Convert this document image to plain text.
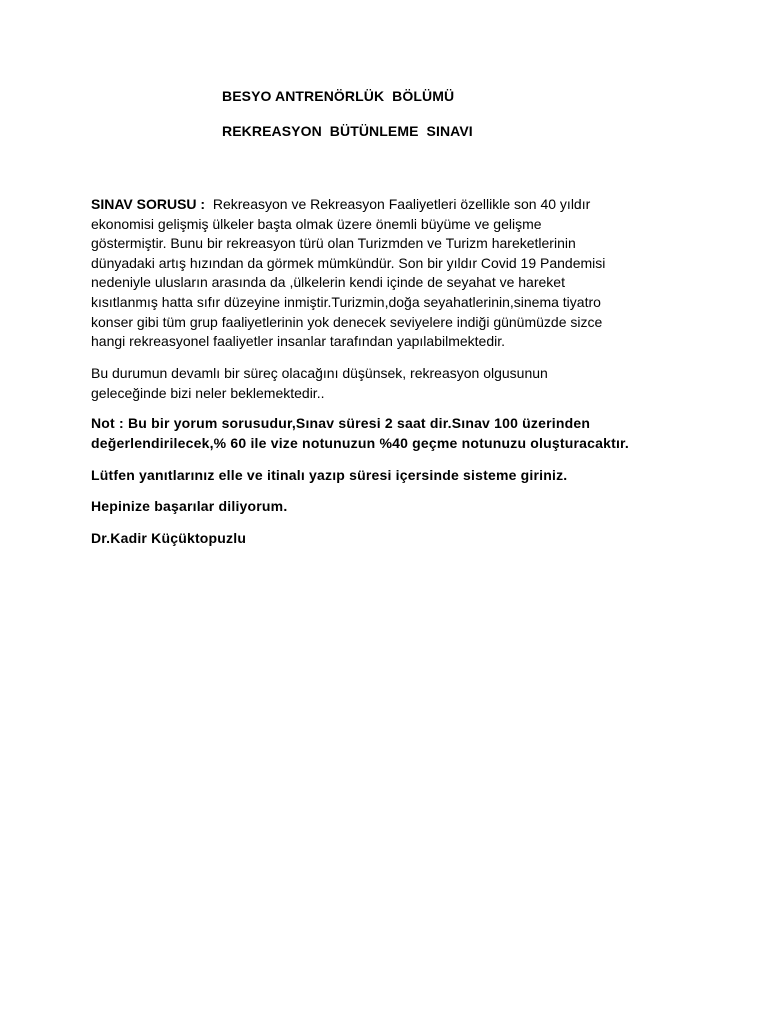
BESYO ANTRENÖRLÜK  BÖLÜMÜ

REKREASYON  BÜTÜNLEME  SINAVI

SINAV SORUSU : Rekreasyon ve Rekreasyon Faaliyetleri özellikle son 40 yıldır
ekonomisi gelişmiş ülkeler başta olmak üzere önemli büyüme ve gelişme
göstermiştir. Bunu bir rekreasyon türü olan Turizmden ve Turizm hareketlerinin
dünyadaki artış hızından da görmek mümkündür. Son bir yıldır Covid 19 Pandemisi
nedeniyle ulusların arasında da ,ülkelerin kendi içinde de seyahat ve hareket
kısıtlanmış hatta sıfır düzeyine inmiştir.Turizmin,doğa seyahatlerinin,sinema tiyatro
konser gibi tüm grup faaliyetlerinin yok denecek seviyelere indiği günümüzde sizce
hangi rekreasyonel faaliyetler insanlar tarafından yapılabilmektedir.
Bu durumun devamlı bir süreç olacağını düşünsek, rekreasyon olgusunun
geleceğinde bizi neler beklemektedir..
Not : Bu bir yorum sorusudur,Sınav süresi 2 saat dir.Sınav 100 üzerinden
değerlendirilecek,% 60 ile vize notunuzun %40 geçme notunuzu oluşturacaktır.
Lütfen yanıtlarınız elle ve itinalı yazıp süresi içersinde sisteme giriniz.
Hepinize başarılar diliyorum.
Dr.Kadir Küçüktopuzlu
